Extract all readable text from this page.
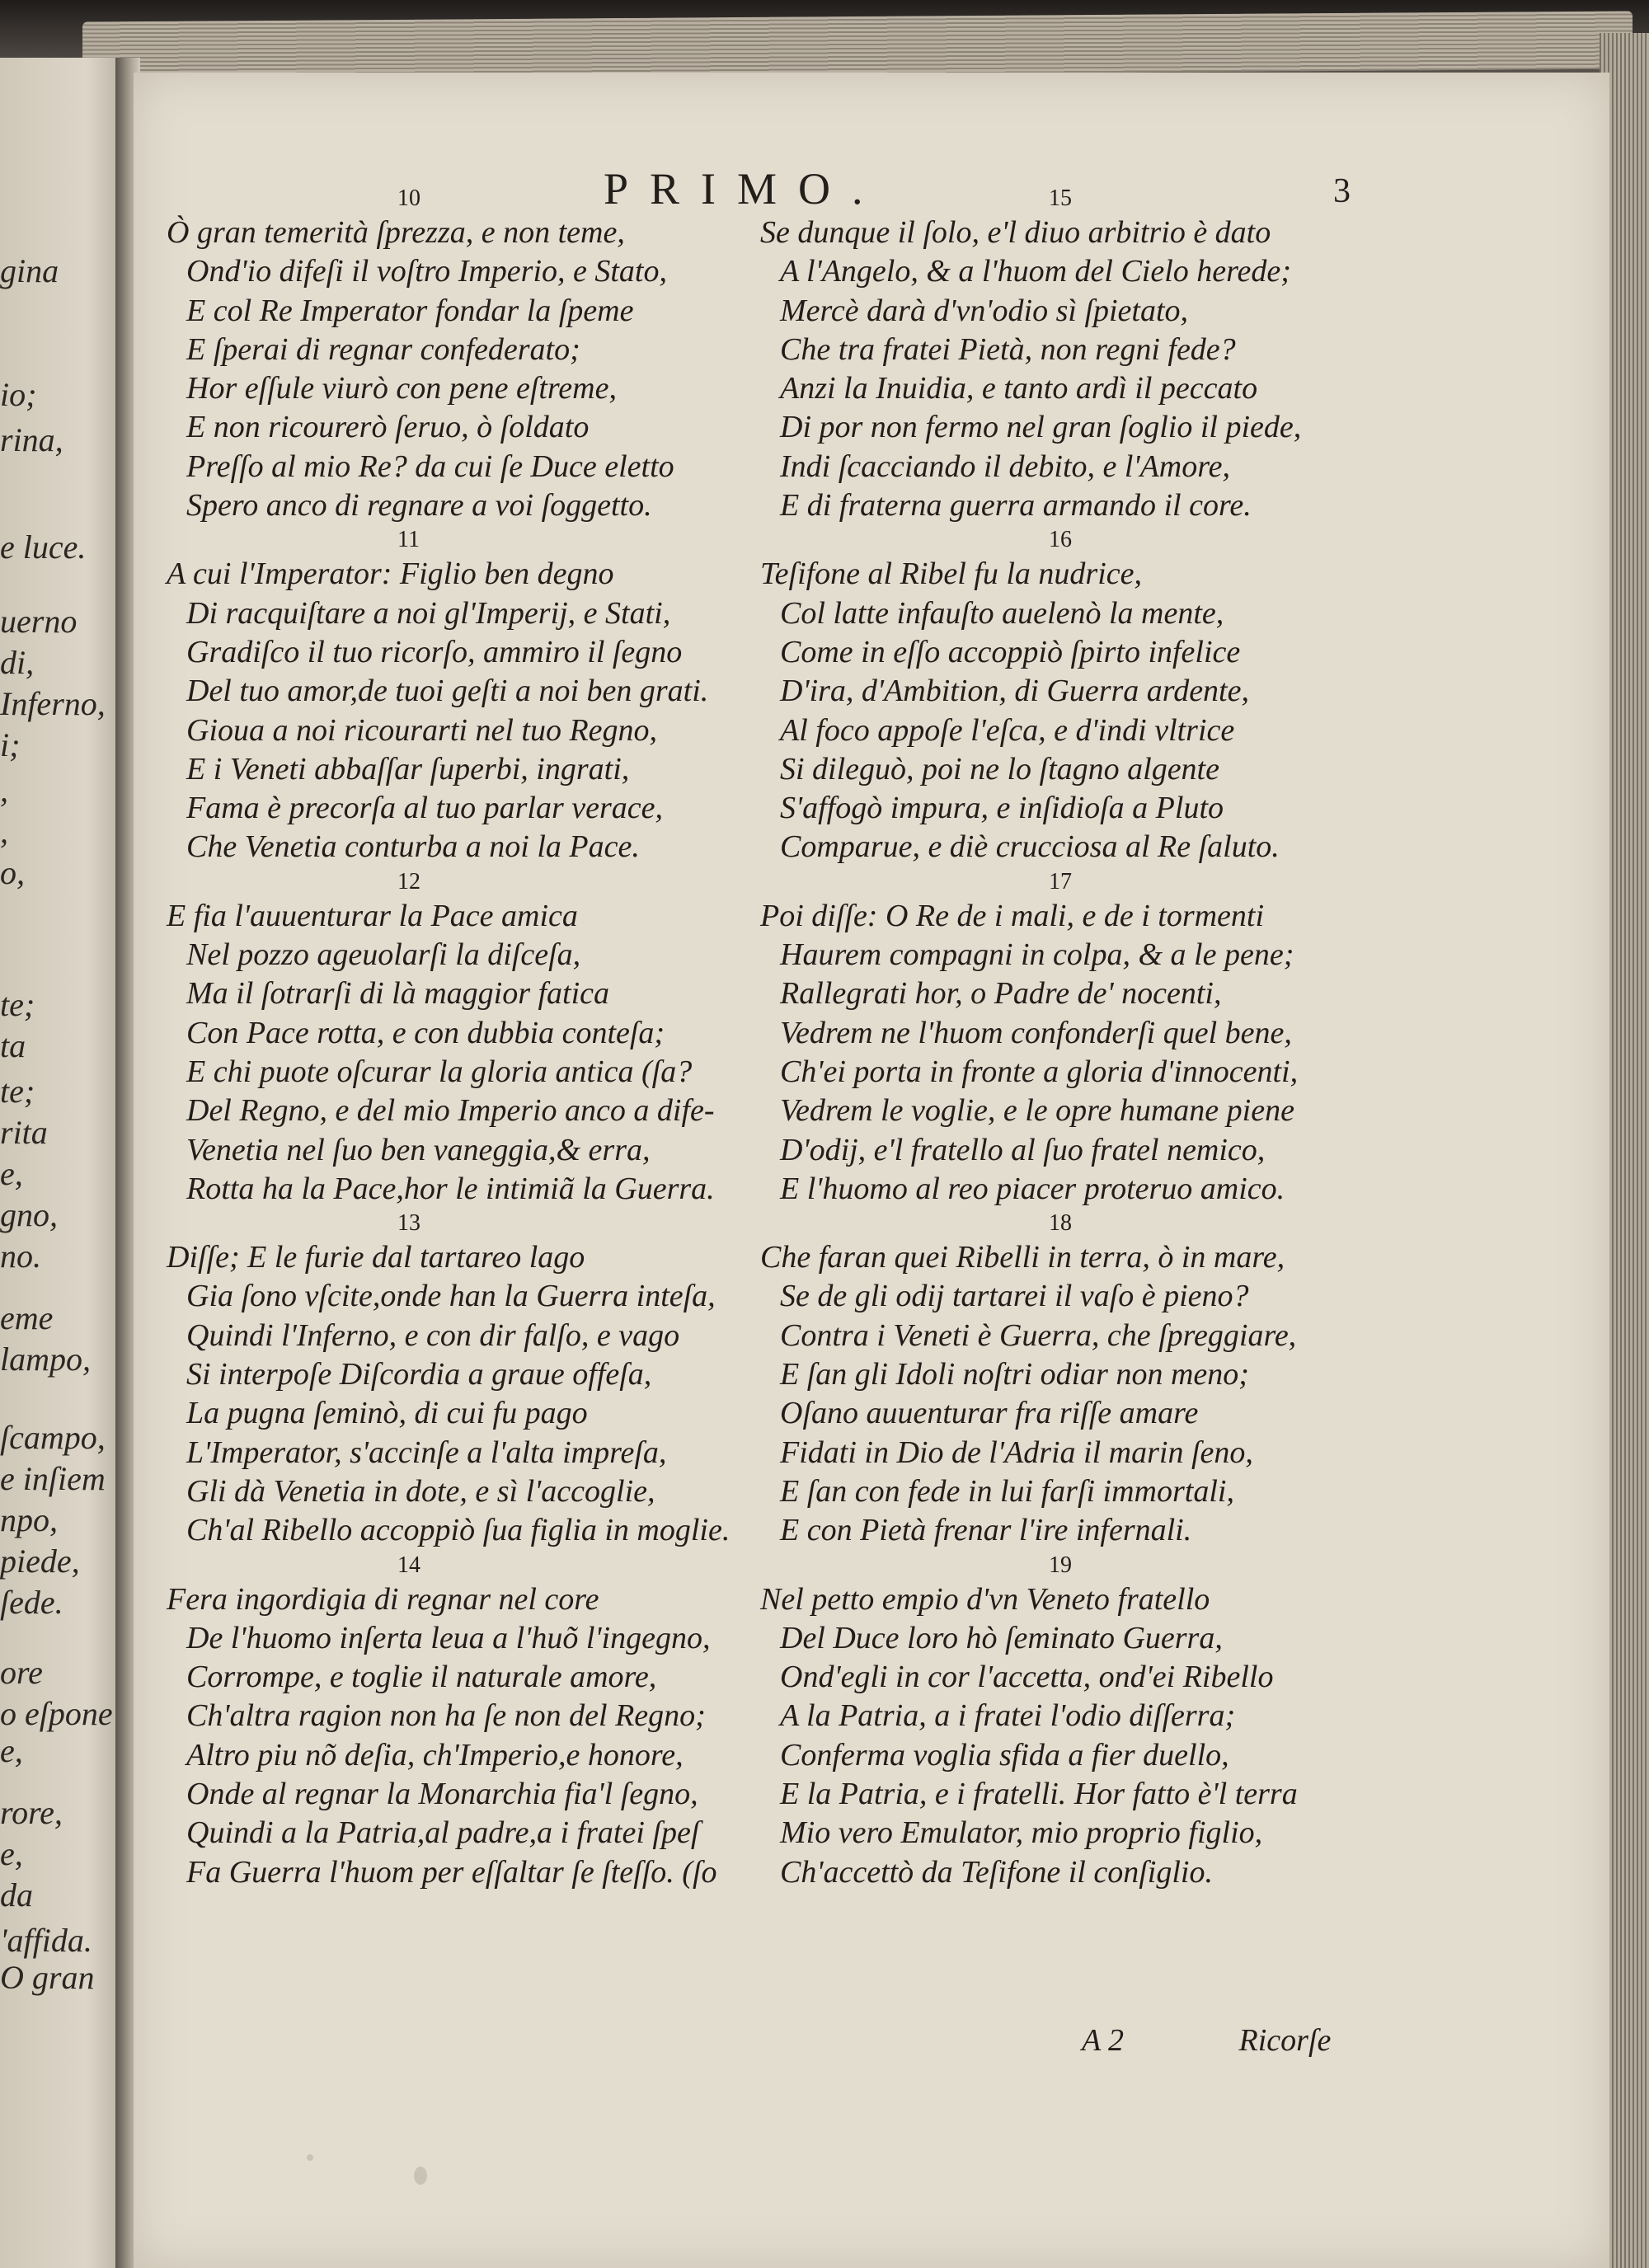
gina
io;
rina,
e luce.
uerno
di,
Inferno,
i;
,
,
o,
te;
ta
te;
rita
e,
gno,
no.
eme
lampo,
ſcampo,
e inſiem
npo,
piede,
ſede.
ore
o eſpone
e,
rore,
e,
da
'affida.
O gran
PRIMO.	3
10
Ò gran temerità ſprezza, e non teme,
Ond'io difeſi il voſtro Imperio, e Stato,
E col Re Imperator fondar la ſpeme
E ſperai di regnar confederato;
Hor eſſule viurò con pene eſtreme,
E non ricourerò ſeruo, ò ſoldato
Preſſo al mio Re? da cui ſe Duce eletto
Spero anco di regnare a voi ſoggetto.
11
A cui l'Imperator: Figlio ben degno
Di racquiſtare a noi gl'Imperij, e Stati,
Gradiſco il tuo ricorſo, ammiro il ſegno
Del tuo amor,de tuoi geſti a noi ben grati.
Gioua a noi ricourarti nel tuo Regno,
E i Veneti abbaſſar ſuperbi, ingrati,
Fama è precorſa al tuo parlar verace,
Che Venetia conturba a noi la Pace.
12
E fia l'auuenturar la Pace amica
Nel pozzo ageuolarſi la diſceſa,
Ma il ſotrarſi di là maggior fatica
Con Pace rotta, e con dubbia conteſa;
E chi puote oſcurar la gloria antica (ſa?
Del Regno, e del mio Imperio anco a dife-
Venetia nel ſuo ben vaneggia,& erra,
Rotta ha la Pace,hor le intimiã la Guerra.
13
Diſſe; E le furie dal tartareo lago
Gia ſono vſcite,onde han la Guerra inteſa,
Quindi l'Inferno, e con dir falſo, e vago
Si interpoſe Diſcordia a graue offeſa,
La pugna ſeminò, di cui fu pago
L'Imperator, s'accinſe a l'alta impreſa,
Gli dà Venetia in dote, e sì l'accoglie,
Ch'al Ribello accoppiò ſua figlia in moglie.
14
Fera ingordigia di regnar nel core
De l'huomo inſerta leua a l'huõ l'ingegno,
Corrompe, e toglie il naturale amore,
Ch'altra ragion non ha ſe non del Regno;
Altro piu nõ deſia, ch'Imperio,e honore,
Onde al regnar la Monarchia fia'l ſegno,
Quindi a la Patria,al padre,a i fratei ſpeſ
Fa Guerra l'huom per eſſaltar ſe ſteſſo. (ſo
15
Se dunque il ſolo, e'l diuo arbitrio è dato
A l'Angelo, & a l'huom del Cielo herede;
Mercè darà d'vn'odio sì ſpietato,
Che tra fratei Pietà, non regni fede?
Anzi la Inuidia, e tanto ardì il peccato
Di por non fermo nel gran ſoglio il piede,
Indi ſcacciando il debito, e l'Amore,
E di fraterna guerra armando il core.
16
Teſifone al Ribel fu la nudrice,
Col latte infauſto auelenò la mente,
Come in eſſo accoppiò ſpirto infelice
D'ira, d'Ambition, di Guerra ardente,
Al foco appoſe l'eſca, e d'indi vltrice
Si dileguò, poi ne lo ſtagno algente
S'affogò impura, e inſidioſa a Pluto
Comparue, e diè crucciosa al Re ſaluto.
17
Poi diſſe: O Re de i mali, e de i tormenti
Haurem compagni in colpa, & a le pene;
Rallegrati hor, o Padre de' nocenti,
Vedrem ne l'huom confonderſi quel bene,
Ch'ei porta in fronte a gloria d'innocenti,
Vedrem le voglie, e le opre humane piene
D'odij, e'l fratello al ſuo fratel nemico,
E l'huomo al reo piacer proteruo amico.
18
Che faran quei Ribelli in terra, ò in mare,
Se de gli odij tartarei il vaſo è pieno?
Contra i Veneti è Guerra, che ſpreggiare,
E ſan gli Idoli noſtri odiar non meno;
Oſano auuenturar fra riſſe amare
Fidati in Dio de l'Adria il marin ſeno,
E ſan con fede in lui farſi immortali,
E con Pietà frenar l'ire infernali.
19
Nel petto empio d'vn Veneto fratello
Del Duce loro hò ſeminato Guerra,
Ond'egli in cor l'accetta, ond'ei Ribello
A la Patria, a i fratei l'odio diſſerra;
Conferma voglia sfida a fier duello,
E la Patria, e i fratelli. Hor fatto è'l terra
Mio vero Emulator, mio proprio figlio,
Ch'accettò da Teſifone il conſiglio.
A 2	Ricorſe
